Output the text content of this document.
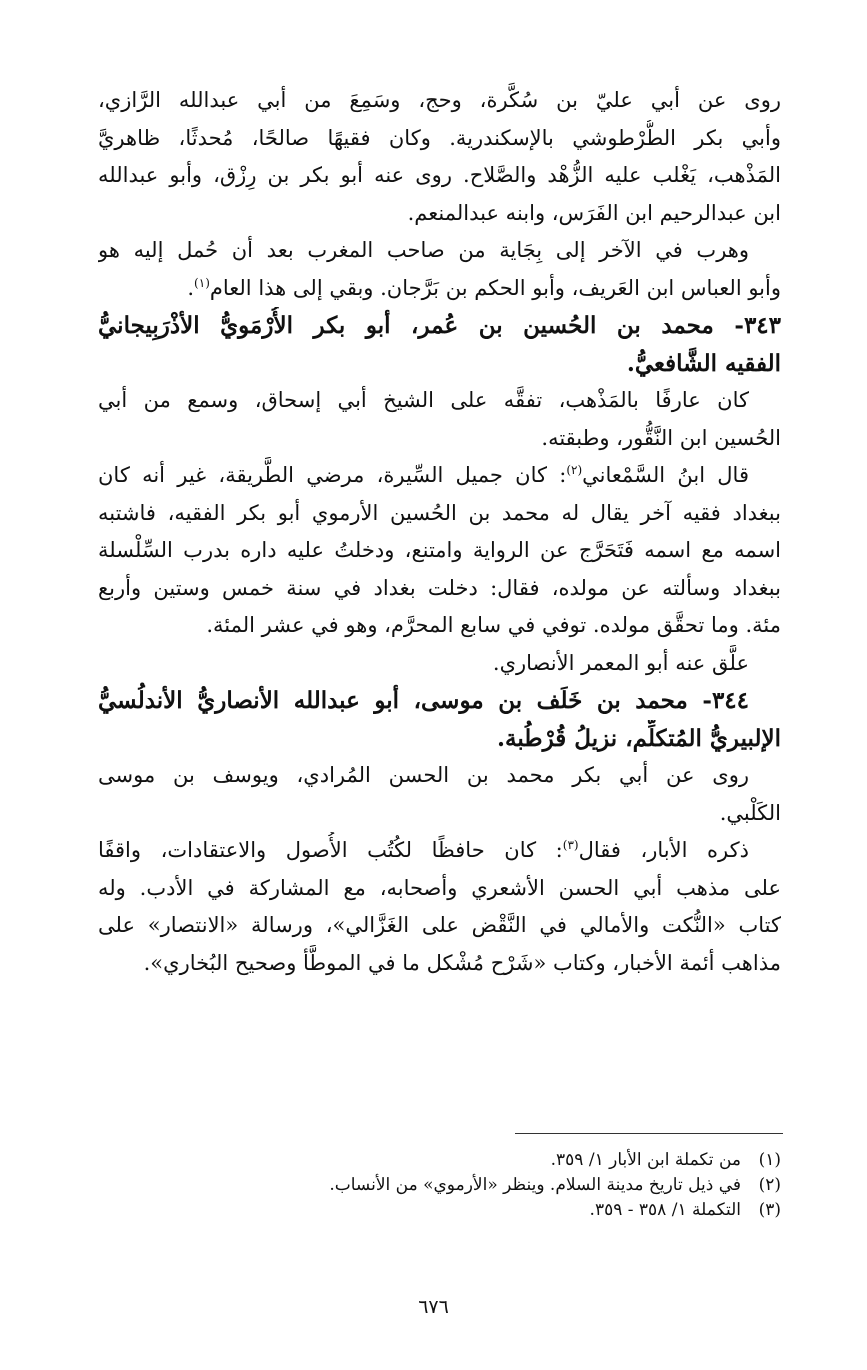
روى عن أبي عليّ بن سُكَّرة، وحج، وسَمِعَ من أبي عبدالله الرَّازي،
وأبي بكر الطُّرْطوشي بالإسكندرية. وكان فقيهًا صالحًا، مُحدثًا، ظاهريَّ
المَذْهب، يَغْلب عليه الزُّهْد والصَّلاح. روى عنه أبو بكر بن رِزْق، وأبو عبدالله
ابن عبدالرحيم ابن الفَرَس، وابنه عبدالمنعم.
وهرب في الآخر إلى بِجَاية من صاحب المغرب بعد أن حُمل إليه هو
وأبو العباس ابن العَريف، وأبو الحكم بن بَرَّجان. وبقي إلى هذا العام$^{(١)}$.
٣٤٣- محمد بن الحُسين بن عُمر، أبو بكر الأُرْمَويُّ الأذْرَبِيجانيُّ
الفقيه الشَّافعيُّ.
كان عارفًا بالمَذْهب، تفقَّه على الشيخ أبي إسحاق، وسمع من أبي
الحُسين ابن النَّقُّور، وطبقته.
قال ابنُ السَّمْعاني$^{(٢)}$: كان جميل السِّيرة، مرضي الطَّريقة، غير أنه كان
ببغداد فقيه آخر يقال له محمد بن الحُسين الأرموي أبو بكر الفقيه، فاشتبه
اسمه مع اسمه فَتَحَرَّج عن الرواية وامتنع، ودخلتُ عليه داره بدرب السِّلْسلة
ببغداد وسألته عن مولده، فقال: دخلت بغداد في سنة خمس وستين وأربع
مئة. وما تحقَّق مولده. توفي في سابع المحرَّم، وهو في عشر المئة.
علَّق عنه أبو المعمر الأنصاري.
٣٤٤- محمد بن خَلَف بن موسى، أبو عبدالله الأنصاريُّ الأندلُسيُّ
الإلبيريُّ المُتكلِّم، نزيلُ قُرْطُبة.
روى عن أبي بكر محمد بن الحسن المُرادي، ويوسف بن موسى
الكَلْبي.
ذكره الأبار، فقال$^{(٣)}$: كان حافظًا لكُتُب الأُصول والاعتقادات، واقفًا
على مذهب أبي الحسن الأشعري وأصحابه، مع المشاركة في الأدب. وله
كتاب «النُّكت والأمالي في النَّقْض على الغَزَّالي»، ورسالة «الانتصار» على
مذاهب أئمة الأخبار، وكتاب «شَرْح مُشْكل ما في الموطَّأ وصحيح البُخاري».
(١)من تكملة ابن الأبار ١/ ٣٥٩.
(٢)في ذيل تاريخ مدينة السلام. وينظر «الأرموي» من الأنساب.
(٣)التكملة ١/ ٣٥٨ - ٣٥٩.
٦٧٦
